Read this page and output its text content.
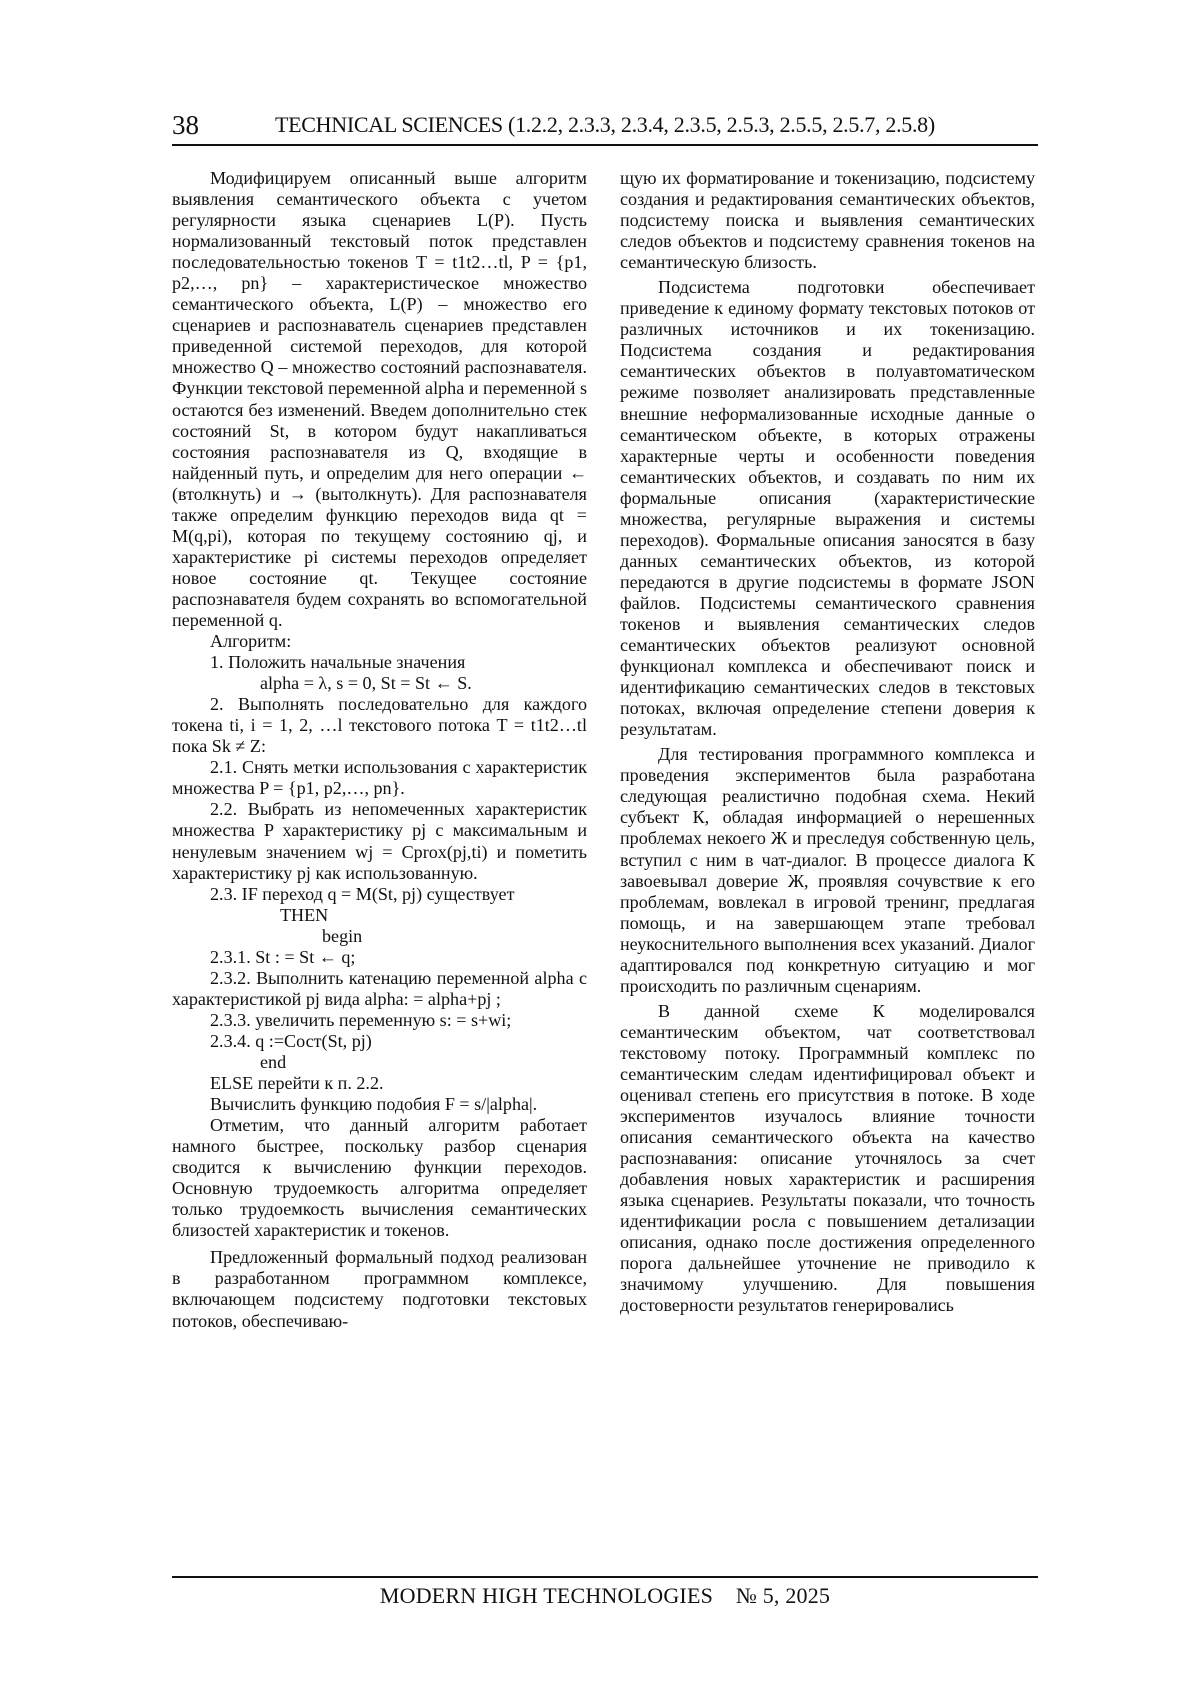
38	TECHNICAL SCIENCES (1.2.2, 2.3.3, 2.3.4, 2.3.5, 2.5.3, 2.5.5, 2.5.7, 2.5.8)

Модифицируем описанный выше алгоритм выявления семантического объекта с учетом регулярности языка сценариев L(P). Пусть нормализованный текстовый поток представлен последовательностью токенов T = t1t2…tl, P = {p1, p2,…, pn} – характеристическое множество семантического объекта, L(P) – множество его сценариев и распознаватель сценариев представлен приведенной системой переходов, для которой множество Q – множество состояний распознавателя. Функции текстовой переменной alpha и переменной s остаются без изменений. Введем дополнительно стек состояний St, в котором будут накапливаться состояния распознавателя из Q, входящие в найденный путь, и определим для него операции ← (втолкнуть) и → (вытолкнуть). Для распознавателя также определим функцию переходов вида qt = M(q,pi), которая по текущему состоянию qj, и характеристике pi системы переходов определяет новое состояние qt. Текущее состояние распознавателя будем сохранять во вспомогательной переменной q.

Алгоритм:

1. Положить начальные значения

alpha = λ, s = 0, St = St ← S.

2. Выполнять последовательно для каждого токена ti, i = 1, 2, …l текстового потока T = t1t2…tl пока Sk ≠ Z:

2.1. Снять метки использования с характеристик множества P = {p1, p2,…, pn}.

2.2. Выбрать из непомеченных характеристик множества P характеристику pj с максимальным и ненулевым значением wj = Cprox(pj,ti) и пометить характеристику pj как использованную.

2.3. IF переход q = M(St, pj) существует

THEN

begin

2.3.1. St : = St ← q;

2.3.2. Выполнить катенацию переменной alpha с характеристикой pj вида alpha: = alpha+pj ;

2.3.3. увеличить переменную s: = s+wi;

2.3.4. q :=Сост(St, pj)

end

ELSE перейти к п. 2.2.

Вычислить функцию подобия F = s/|alpha|.

Отметим, что данный алгоритм работает намного быстрее, поскольку разбор сценария сводится к вычислению функции переходов. Основную трудоемкость алгоритма определяет только трудоемкость вычисления семантических близостей характеристик и токенов.

Предложенный формальный подход реализован в разработанном программном комплексе, включающем подсистему подготовки текстовых потоков, обеспечиваю-

щую их форматирование и токенизацию, подсистему создания и редактирования семантических объектов, подсистему поиска и выявления семантических следов объектов и подсистему сравнения токенов на семантическую близость.

Подсистема подготовки обеспечивает приведение к единому формату текстовых потоков от различных источников и их токенизацию. Подсистема создания и редактирования семантических объектов в полуавтоматическом режиме позволяет анализировать представленные внешние неформализованные исходные данные о семантическом объекте, в которых отражены характерные черты и особенности поведения семантических объектов, и создавать по ним их формальные описания (характеристические множества, регулярные выражения и системы переходов). Формальные описания заносятся в базу данных семантических объектов, из которой передаются в другие подсистемы в формате JSON файлов. Подсистемы семантического сравнения токенов и выявления семантических следов семантических объектов реализуют основной функционал комплекса и обеспечивают поиск и идентификацию семантических следов в текстовых потоках, включая определение степени доверия к результатам.

Для тестирования программного комплекса и проведения экспериментов была разработана следующая реалистично подобная схема. Некий субъект К, обладая информацией о нерешенных проблемах некоего Ж и преследуя собственную цель, вступил с ним в чат-диалог. В процессе диалога К завоевывал доверие Ж, проявляя сочувствие к его проблемам, вовлекал в игровой тренинг, предлагая помощь, и на завершающем этапе требовал неукоснительного выполнения всех указаний. Диалог адаптировался под конкретную ситуацию и мог происходить по различным сценариям.

В данной схеме К моделировался семантическим объектом, чат соответствовал текстовому потоку. Программный комплекс по семантическим следам идентифицировал объект и оценивал степень его присутствия в потоке. В ходе экспериментов изучалось влияние точности описания семантического объекта на качество распознавания: описание уточнялось за счет добавления новых характеристик и расширения языка сценариев. Результаты показали, что точность идентификации росла с повышением детализации описания, однако после достижения определенного порога дальнейшее уточнение не приводило к значимому улучшению. Для повышения достоверности результатов генерировались

MODERN HIGH TECHNOLOGIES № 5, 2025
